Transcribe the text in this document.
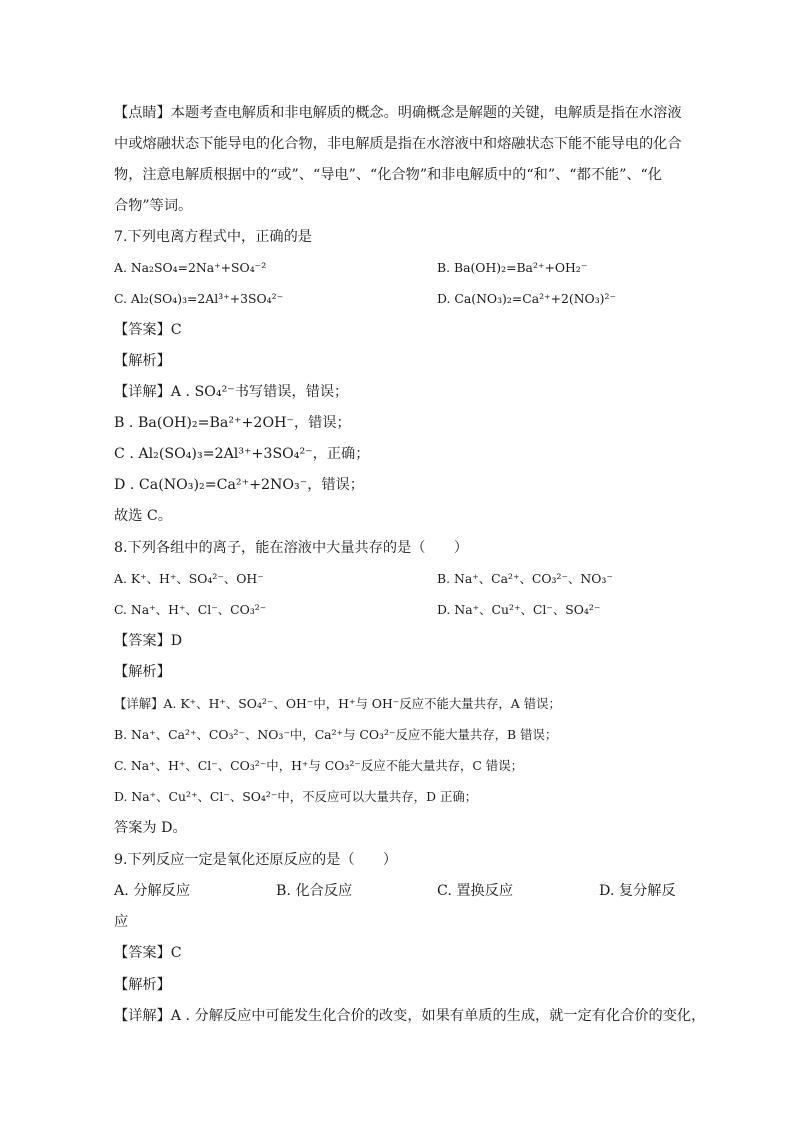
【点睛】本题考查电解质和非电解质的概念。明确概念是解题的关键，电解质是指在水溶液
中或熔融状态下能导电的化合物，非电解质是指在水溶液中和熔融状态下能不能导电的化合
物，注意电解质根据中的“或”、“导电”、“化合物”和非电解质中的“和”、“都不能”、“化
合物”等词。
7.下列电离方程式中，正确的是
A. Na₂SO₄=2Na⁺+SO₄⁻²	B. Ba(OH)₂=Ba²⁺+OH₂⁻
C. Al₂(SO₄)₃=2Al³⁺+3SO₄²⁻	D. Ca(NO₃)₂=Ca²⁺+2(NO₃)²⁻
【答案】C
【解析】
【详解】A . SO₄²⁻书写错误，错误；
B . Ba(OH)₂=Ba²⁺+2OH⁻，错误；
C . Al₂(SO₄)₃=2Al³⁺+3SO₄²⁻，正确；
D . Ca(NO₃)₂=Ca²⁺+2NO₃⁻，错误；
故选 C。
8.下列各组中的离子，能在溶液中大量共存的是（　　）
A. K⁺、H⁺、SO₄²⁻、OH⁻	B. Na⁺、Ca²⁺、CO₃²⁻、NO₃⁻
C. Na⁺、H⁺、Cl⁻、CO₃²⁻	D. Na⁺、Cu²⁺、Cl⁻、SO₄²⁻
【答案】D
【解析】
【详解】A. K⁺、H⁺、SO₄²⁻、OH⁻中，H⁺与 OH⁻反应不能大量共存，A 错误；
B. Na⁺、Ca²⁺、CO₃²⁻、NO₃⁻中，Ca²⁺与 CO₃²⁻反应不能大量共存，B 错误；
C. Na⁺、H⁺、Cl⁻、CO₃²⁻中，H⁺与 CO₃²⁻反应不能大量共存，C 错误；
D. Na⁺、Cu²⁺、Cl⁻、SO₄²⁻中，不反应可以大量共存，D 正确；
答案为 D。
9.下列反应一定是氧化还原反应的是（　　）
A. 分解反应	B. 化合反应	C. 置换反应	D. 复分解反
应
【答案】C
【解析】
【详解】A . 分解反应中可能发生化合价的改变，如果有单质的生成，就一定有化合价的变化，
